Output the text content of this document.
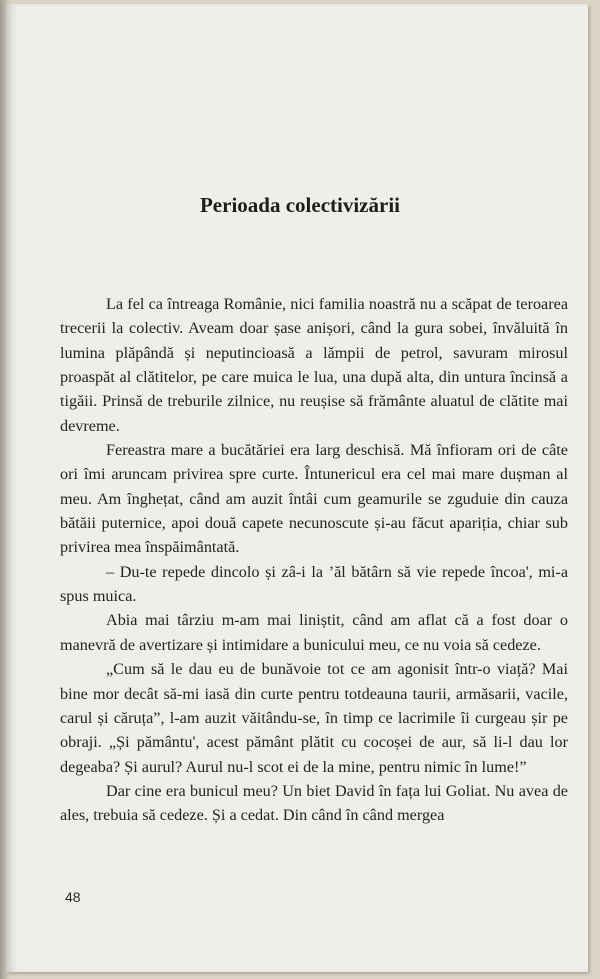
Perioada colectivizării

La fel ca întreaga Românie, nici familia noastră nu a scăpat de teroarea trecerii la colectiv. Aveam doar șase anișori, când la gura sobei, învăluită în lumina plăpândă și neputincioasă a lămpii de petrol, savuram mirosul proaspăt al clătitelor, pe care muica le lua, una după alta, din untura încinsă a tigăii. Prinsă de treburile zilnice, nu reușise să frământe aluatul de clătite mai devreme.

Fereastra mare a bucătăriei era larg deschisă. Mă înfioram ori de câte ori îmi aruncam privirea spre curte. Întunericul era cel mai mare dușman al meu. Am înghețat, când am auzit întâi cum geamurile se zguduie din cauza bătăii puternice, apoi două capete necunoscute și-au făcut apariția, chiar sub privirea mea înspăimântată.

– Du-te repede dincolo și zâ-i la ’ăl bătârn să vie repede încoa', mi-a spus muica.

Abia mai târziu m-am mai liniștit, când am aflat că a fost doar o manevră de avertizare și intimidare a bunicului meu, ce nu voia să cedeze.

„Cum să le dau eu de bunăvoie tot ce am agonisit într-o viață? Mai bine mor decât să-mi iasă din curte pentru totdeauna taurii, armăsarii, vacile, carul și căruța”, l-am auzit văitându-se, în timp ce lacrimile îi curgeau șir pe obraji. „Și pământu', acest pământ plătit cu cocoșei de aur, să li-l dau lor degeaba? Și aurul? Aurul nu-l scot ei de la mine, pentru nimic în lume!”

Dar cine era bunicul meu? Un biet David în fața lui Goliat. Nu avea de ales, trebuia să cedeze. Și a cedat. Din când în când mergea

48
